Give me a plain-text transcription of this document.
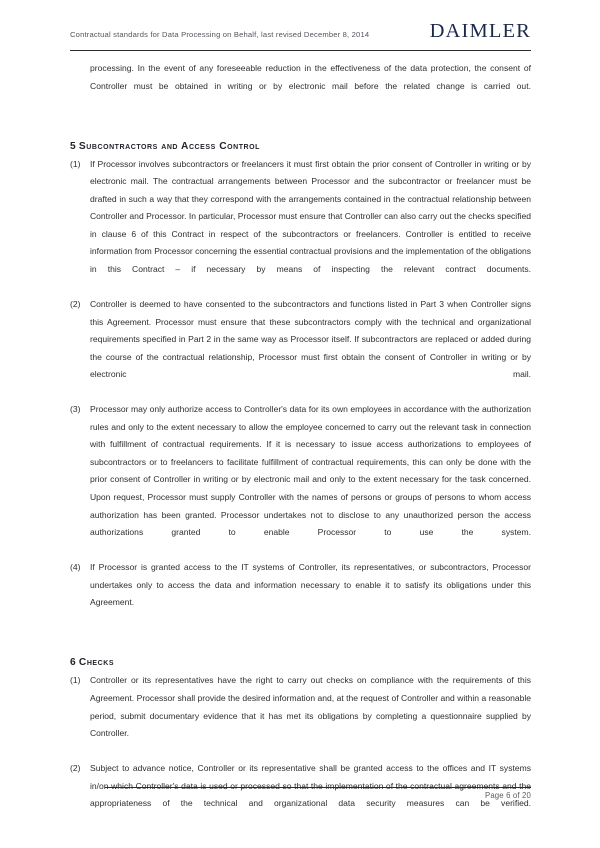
Contractual standards for Data Processing on Behalf, last revised December 8, 2014	DAIMLER
processing. In the event of any foreseeable reduction in the effectiveness of the data protection, the consent of Controller must be obtained in writing or by electronic mail before the related change is carried out.
5 Subcontractors and Access Control
(1)	If Processor involves subcontractors or freelancers it must first obtain the prior consent of Controller in writing or by electronic mail. The contractual arrangements between Processor and the subcontractor or freelancer must be drafted in such a way that they correspond with the arrangements contained in the contractual relationship between Controller and Processor. In particular, Processor must ensure that Controller can also carry out the checks specified in clause 6 of this Contract in respect of the subcontractors or freelancers. Controller is entitled to receive information from Processor concerning the essential contractual provisions and the implementation of the obligations in this Contract – if necessary by means of inspecting the relevant contract documents.
(2)	Controller is deemed to have consented to the subcontractors and functions listed in Part 3 when Controller signs this Agreement. Processor must ensure that these subcontractors comply with the technical and organizational requirements specified in Part 2 in the same way as Processor itself. If subcontractors are replaced or added during the course of the contractual relationship, Processor must first obtain the consent of Controller in writing or by electronic mail.
(3)	Processor may only authorize access to Controller's data for its own employees in accordance with the authorization rules and only to the extent necessary to allow the employee concerned to carry out the relevant task in connection with fulfillment of contractual requirements. If it is necessary to issue access authorizations to employees of subcontractors or to freelancers to facilitate fulfillment of contractual requirements, this can only be done with the prior consent of Controller in writing or by electronic mail and only to the extent necessary for the task concerned. Upon request, Processor must supply Controller with the names of persons or groups of persons to whom access authorization has been granted. Processor undertakes not to disclose to any unauthorized person the access authorizations granted to enable Processor to use the system.
(4)	If Processor is granted access to the IT systems of Controller, its representatives, or subcontractors, Processor undertakes only to access the data and information necessary to enable it to satisfy its obligations under this Agreement.
6 Checks
(1)	Controller or its representatives have the right to carry out checks on compliance with the requirements of this Agreement. Processor shall provide the desired information and, at the request of Controller and within a reasonable period, submit documentary evidence that it has met its obligations by completing a questionnaire supplied by Controller.
(2)	Subject to advance notice, Controller or its representative shall be granted access to the offices and IT systems in/on which Controller's data is used or processed so that the implementation of the contractual agreements and the appropriateness of the technical and organizational data security measures can be verified.
Page 6 of 20
